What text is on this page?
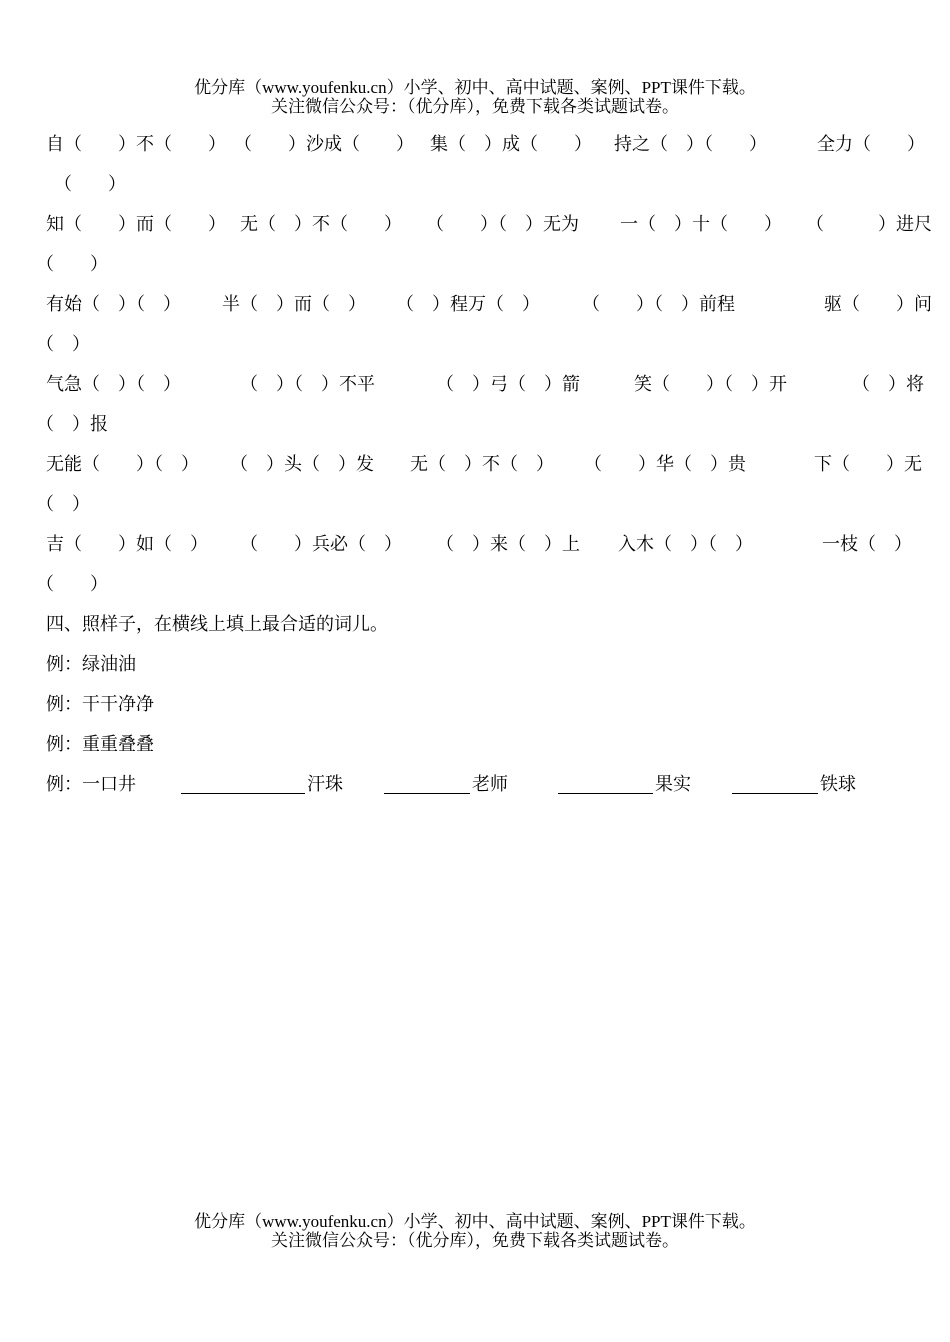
优分库（www.youfenku.cn）小学、初中、高中试题、案例、PPT课件下载。
关注微信公众号：（优分库），免费下载各类试题试卷。
自（　　）不（　　） （　　）沙成（　　） 集（　）成（　　） 持之（　）（　　）	全力（　　）
（　　）
知（　　）而（　　） 无（　）不（　　） （　　）（　）无为 一（　）十（　　） （　　　）进尺
（　　）
有始（　）（　） 半（　）而（　） （　）程万（　） （　　）（　）前程	驱（　　）问
（　）
气急（　）（　）	（　）（　）不平	（　）弓（　）箭	笑（　　）（　）开	（　）将
（　）报
无能（　　）（　） （　）头（　）发 无（　）不（　） （　　）华（　）贵	下（　　）无
（　）
吉（　　）如（　） （　　）兵必（　） （　）来（　）上 入木（　）（　）	一枝（　）
（　　）
四、照样子，在横线上填上最合适的词儿。
例：绿油油
例：干干净净
例：重重叠叠
例：一口井	汗珠	老师	果实	铁球
优分库（www.youfenku.cn）小学、初中、高中试题、案例、PPT课件下载。
关注微信公众号：（优分库），免费下载各类试题试卷。
